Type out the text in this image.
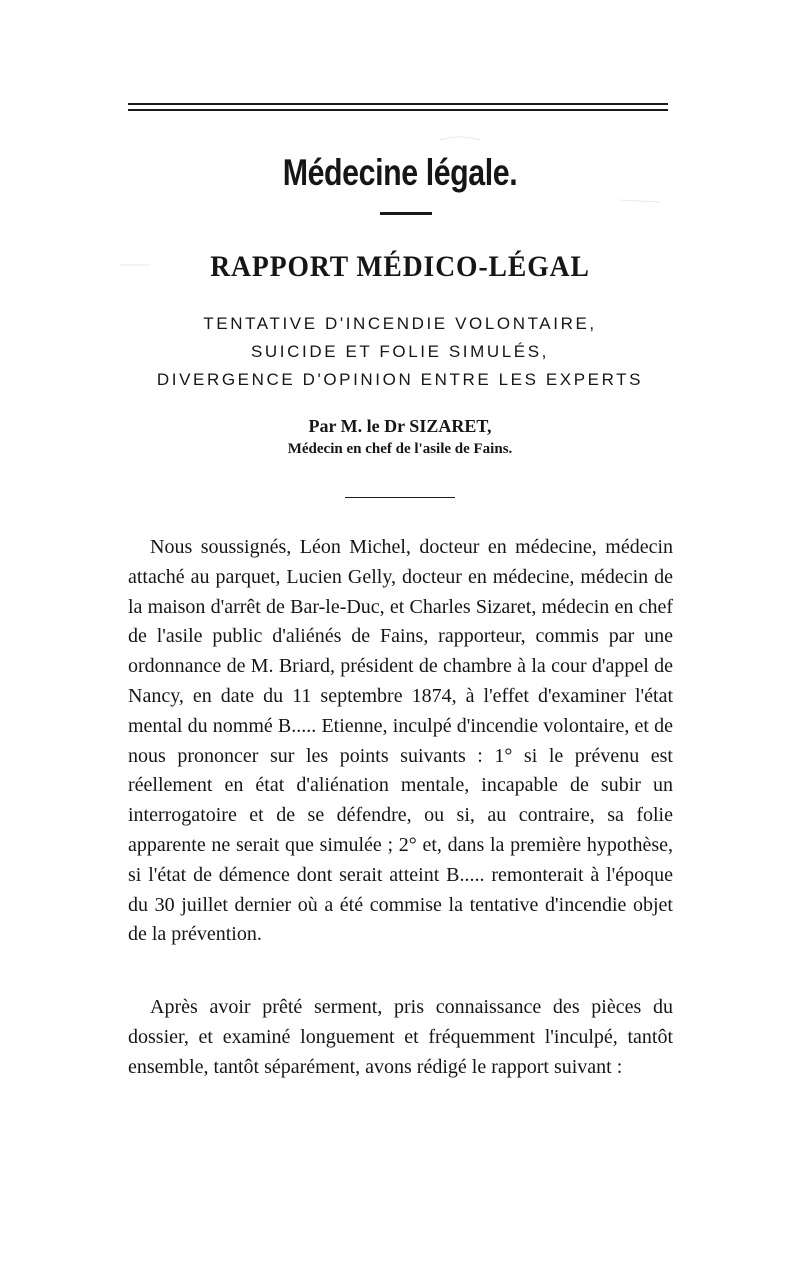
Médecine légale.
RAPPORT MÉDICO-LÉGAL
TENTATIVE D'INCENDIE VOLONTAIRE,
SUICIDE ET FOLIE SIMULÉS,
DIVERGENCE D'OPINION ENTRE LES EXPERTS
Par M. le Dr SIZARET,
Médecin en chef de l'asile de Fains.

Nous soussignés, Léon Michel, docteur en médecine, médecin attaché au parquet, Lucien Gelly, docteur en médecine, médecin de la maison d'arrêt de Bar-le-Duc, et Charles Sizaret, médecin en chef de l'asile public d'aliénés de Fains, rapporteur, commis par une ordonnance de M. Briard, président de chambre à la cour d'appel de Nancy, en date du 11 septembre 1874, à l'effet d'examiner l'état mental du nommé B..... Etienne, inculpé d'incendie volontaire, et de nous prononcer sur les points suivants : 1° si le prévenu est réellement en état d'aliénation mentale, incapable de subir un interrogatoire et de se défendre, ou si, au contraire, sa folie apparente ne serait que simulée ; 2° et, dans la première hypothèse, si l'état de démence dont serait atteint B..... remonterait à l'époque du 30 juillet dernier où a été commise la tentative d'incendie objet de la prévention.

Après avoir prêté serment, pris connaissance des pièces du dossier, et examiné longuement et fréquemment l'inculpé, tantôt ensemble, tantôt séparément, avons rédigé le rapport suivant :
